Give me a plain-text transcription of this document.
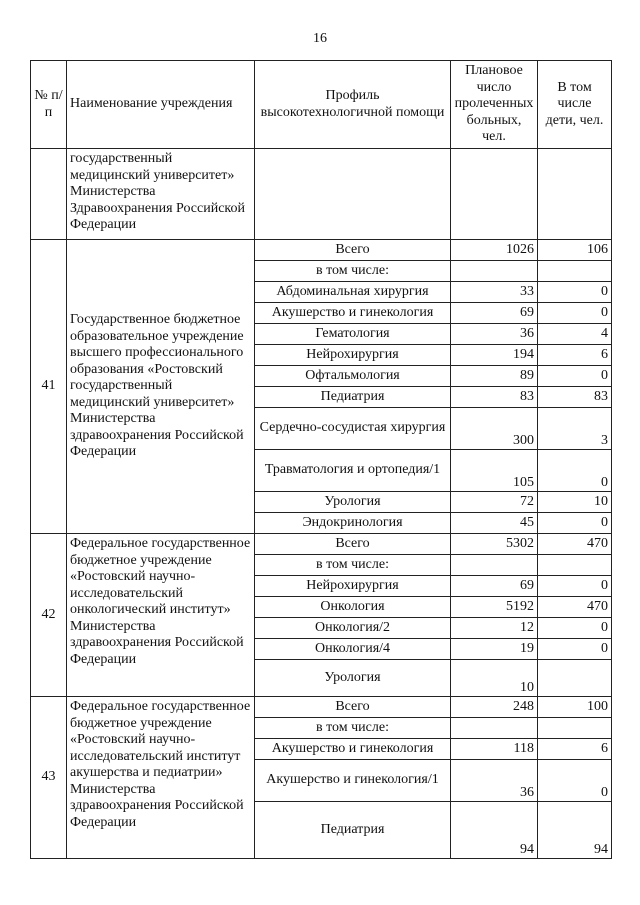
16
№ п/п	Наименование учреждения	Профиль высокотехнологичной помощи	Плановое число пролеченных больных, чел.	В том числе дети, чел.
	государственный медицинский университет» Министерства Здравоохранения Российской Федерации			
41	Государственное бюджетное образовательное учреждение высшего профессионального образования «Ростовский государственный медицинский университет» Министерства здравоохранения Российской Федерации	Всего	1026	106
		в том числе:		
		Абдоминальная хирургия	33	0
		Акушерство и гинекология	69	0
		Гематология	36	4
		Нейрохирургия	194	6
		Офтальмология	89	0
		Педиатрия	83	83
		Сердечно-сосудистая хирургия	300	3
		Травматология и ортопедия/1	105	0
		Урология	72	10
		Эндокринология	45	0
42	Федеральное государственное бюджетное учреждение «Ростовский научно-исследовательский онкологический институт» Министерства здравоохранения Российской Федерации	Всего	5302	470
		в том числе:		
		Нейрохирургия	69	0
		Онкология	5192	470
		Онкология/2	12	0
		Онкология/4	19	0
		Урология	10	
43	Федеральное государственное бюджетное учреждение «Ростовский научно-исследовательский институт акушерства и педиатрии» Министерства здравоохранения Российской Федерации	Всего	248	100
		в том числе:		
		Акушерство и гинекология	118	6
		Акушерство и гинекология/1	36	0
		Педиатрия	94	94
